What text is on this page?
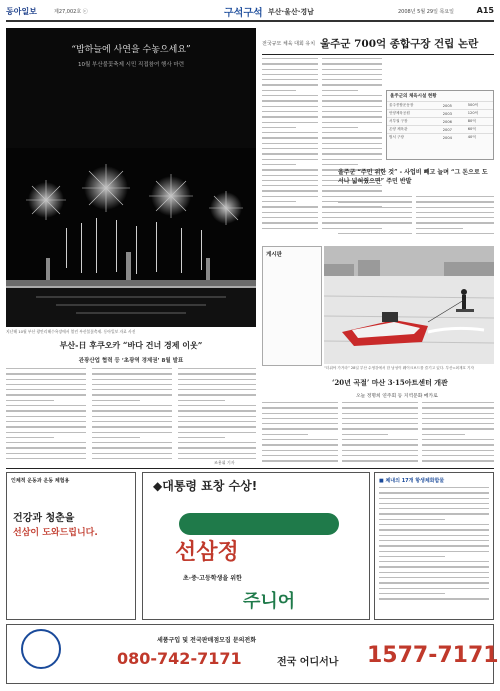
동아일보	제27,002호 ⓒ	구석구석 부산·울산·경남	2008년 5월 29일 목요일	A15
“밤하늘에 사연을 수놓으세요”
10월 부산불꽃축제 시민 직접참여 행사 마련
지난해 10월 부산 광안리해수욕장에서 열린 부산불꽃축제. 동아일보 자료 사진
부산-日 후쿠오카 “바다 건너 경제 이웃”
관광산업 협력 등 ‘초광역 경제권’ 8월 발표
조용휘 기자
전국규모 체육 대회 유치 울주군 700억 종합구장 건립 논란
울주군의 체육시설 현황
울주종합운동장	2005	500억
언양체육공원	2003	120억
서부권 구장	2006	80억
온양 체육관	2007	60억
범서 구장	2004	40억
울주군 “주민 위한 것” - 사업비 빼고 늘며 “그 돈으로 도서나 넓혀줬으면” 주민 반발
게시판
“더위야 가거라” 28일 부산 수영강에서 한 남성이 웨이크보드를 즐기고 있다. 부산=최재호 기자
‘20년 곡절’ 마산 3·15아트센터 개관
오늘 정명희 연주회 등 지역문화 메카로
인체적 운동과 운동 체험용
건강과 청춘을
선삼이 도와드립니다.
◆대통령 표창 수상!
선삼정
초·중·고등학생을 위한
주니어
■ 체내의 17개 항생체화합물
세품구입 및 전국판매점모집 문의전화
080-742-7171	전국 어디서나 1577-7171
